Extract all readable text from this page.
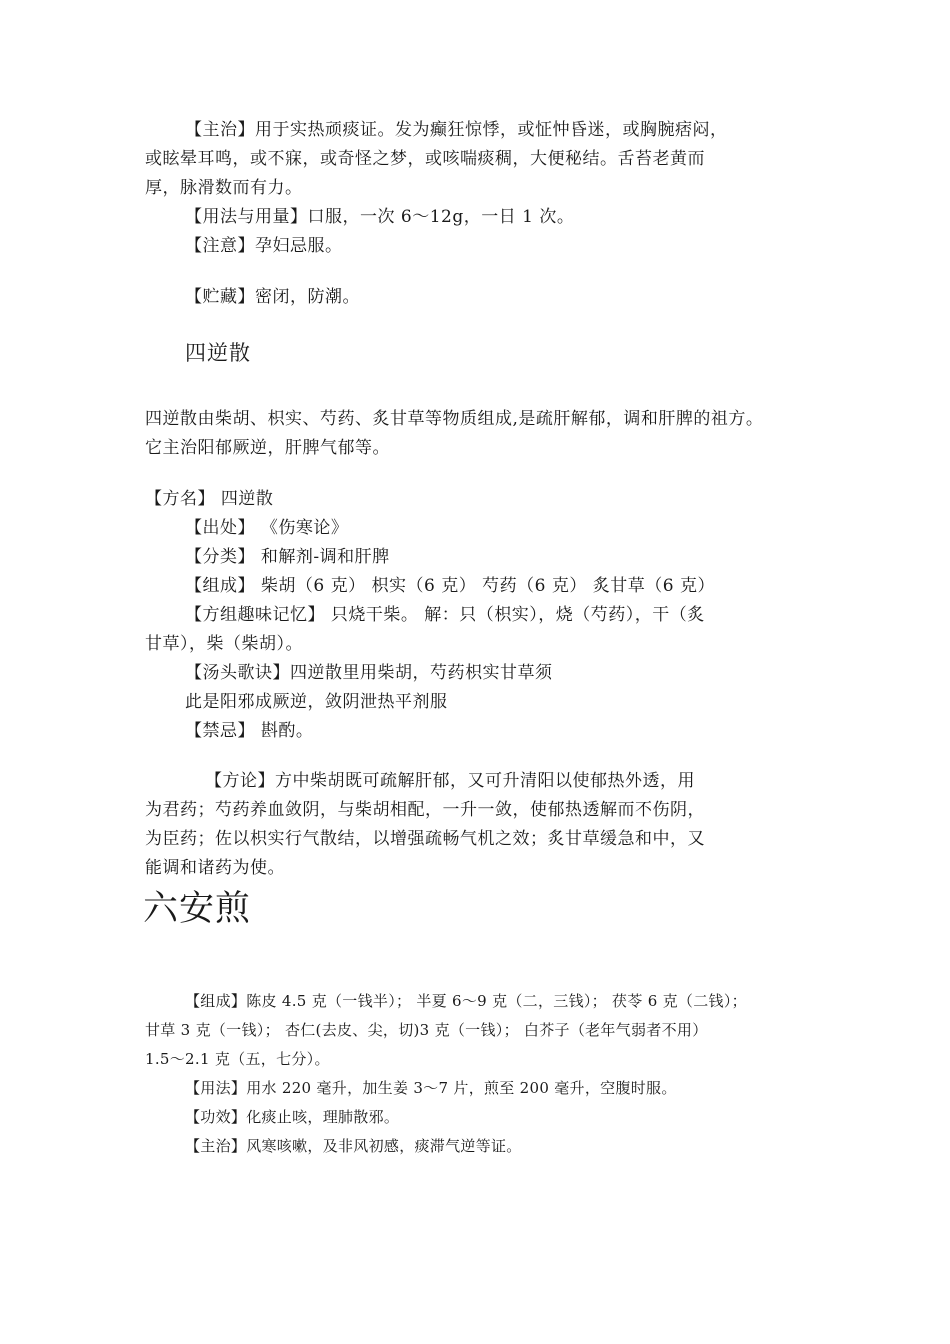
【主治】用于实热顽痰证。发为癫狂惊悸，或怔忡昏迷，或胸腕痞闷，
或眩晕耳鸣，或不寐，或奇怪之梦，或咳喘痰稠，大便秘结。舌苔老黄而
厚，脉滑数而有力。
【用法与用量】口服，一次 6～12g，一日 1 次。
【注意】孕妇忌服。
【贮藏】密闭，防潮。
四逆散
四逆散由柴胡、枳实、芍药、炙甘草等物质组成,是疏肝解郁，调和肝脾的祖方。
它主治阳郁厥逆，肝脾气郁等。
【方名】 四逆散
【出处】 《伤寒论》
【分类】 和解剂-调和肝脾
【组成】 柴胡（6 克） 枳实（6 克） 芍药（6 克） 炙甘草（6 克）
【方组趣味记忆】 只烧干柴。 解：只（枳实），烧（芍药），干（炙
甘草），柴（柴胡）。
【汤头歌诀】四逆散里用柴胡，芍药枳实甘草须
此是阳邪成厥逆，敛阴泄热平剂服
【禁忌】 斟酌。
【方论】方中柴胡既可疏解肝郁，又可升清阳以使郁热外透，用
为君药；芍药养血敛阴，与柴胡相配，一升一敛，使郁热透解而不伤阴，
为臣药；佐以枳实行气散结，以增强疏畅气机之效；炙甘草缓急和中，又
能调和诸药为使。
六安煎
【组成】陈皮 4.5 克（一钱半）； 半夏 6～9 克（二，三钱）； 茯苓 6 克（二钱）；
甘草 3 克（一钱）； 杏仁(去皮、尖，切)3 克（一钱）； 白芥子（老年气弱者不用）
1.5～2.1 克（五，七分）。
【用法】用水 220 毫升，加生姜 3～7 片，煎至 200 毫升，空腹时服。
【功效】化痰止咳，理肺散邪。
【主治】风寒咳嗽，及非风初感，痰滞气逆等证。
